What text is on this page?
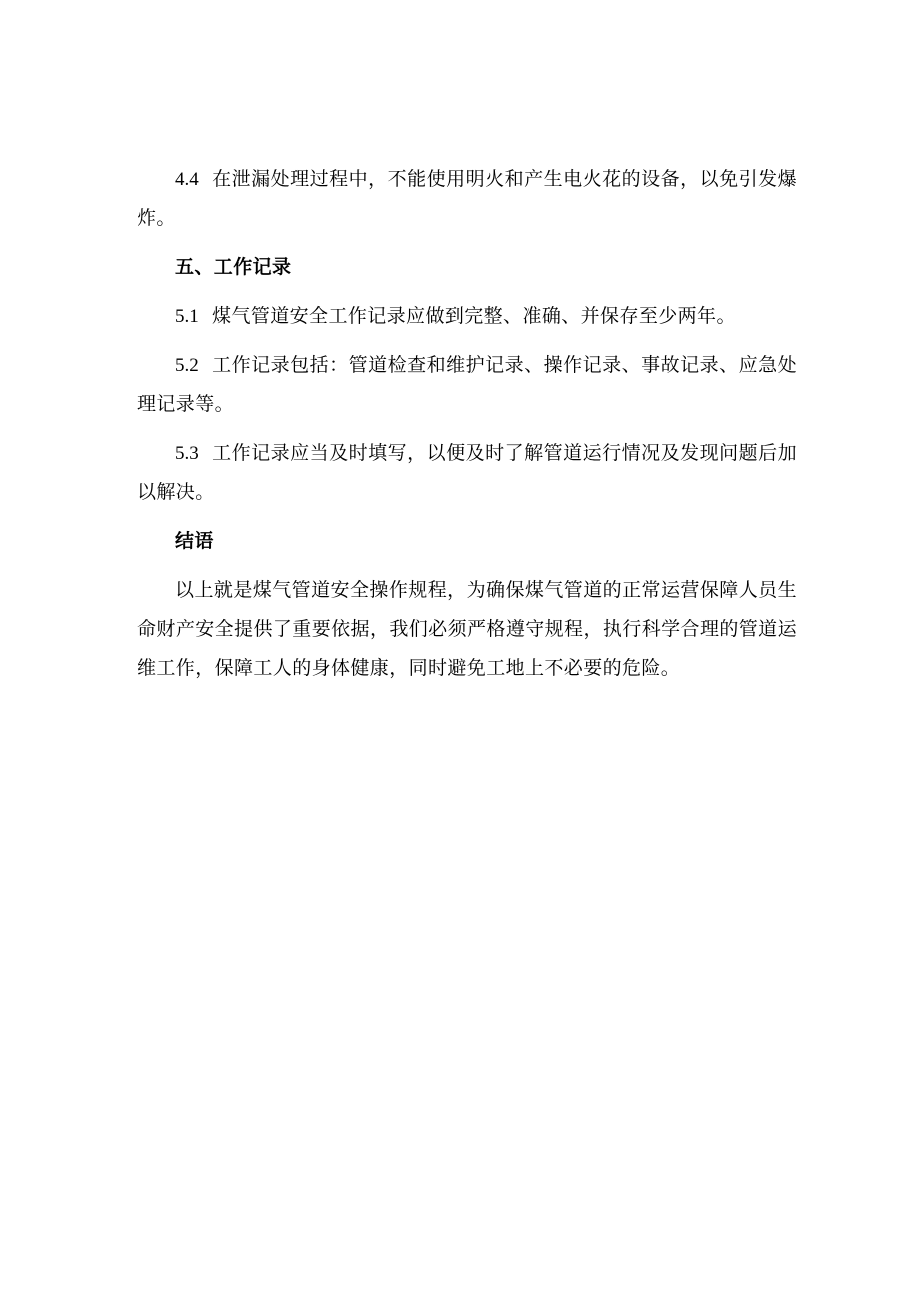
4.4 在泄漏处理过程中，不能使用明火和产生电火花的设备，以免引发爆炸。

五、工作记录

5.1 煤气管道安全工作记录应做到完整、准确、并保存至少两年。

5.2 工作记录包括：管道检查和维护记录、操作记录、事故记录、应急处理记录等。

5.3 工作记录应当及时填写，以便及时了解管道运行情况及发现问题后加以解决。

结语

以上就是煤气管道安全操作规程，为确保煤气管道的正常运营保障人员生命财产安全提供了重要依据，我们必须严格遵守规程，执行科学合理的管道运维工作，保障工人的身体健康，同时避免工地上不必要的危险。
